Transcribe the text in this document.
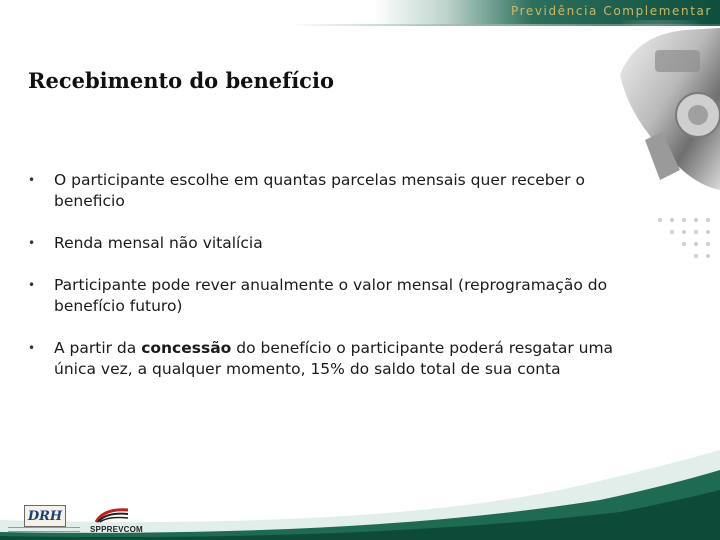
Previdência Complementar
Recebimento do benefício
• O participante escolhe em quantas parcelas mensais quer receber o beneficio
• Renda mensal não vitalícia
• Participante pode rever anualmente o valor mensal (reprogramação do benefício futuro)
• A partir da concessão do benefício o participante poderá resgatar uma única vez, a qualquer momento, 15% do saldo total de sua conta
DRH
SPPREVCOM
